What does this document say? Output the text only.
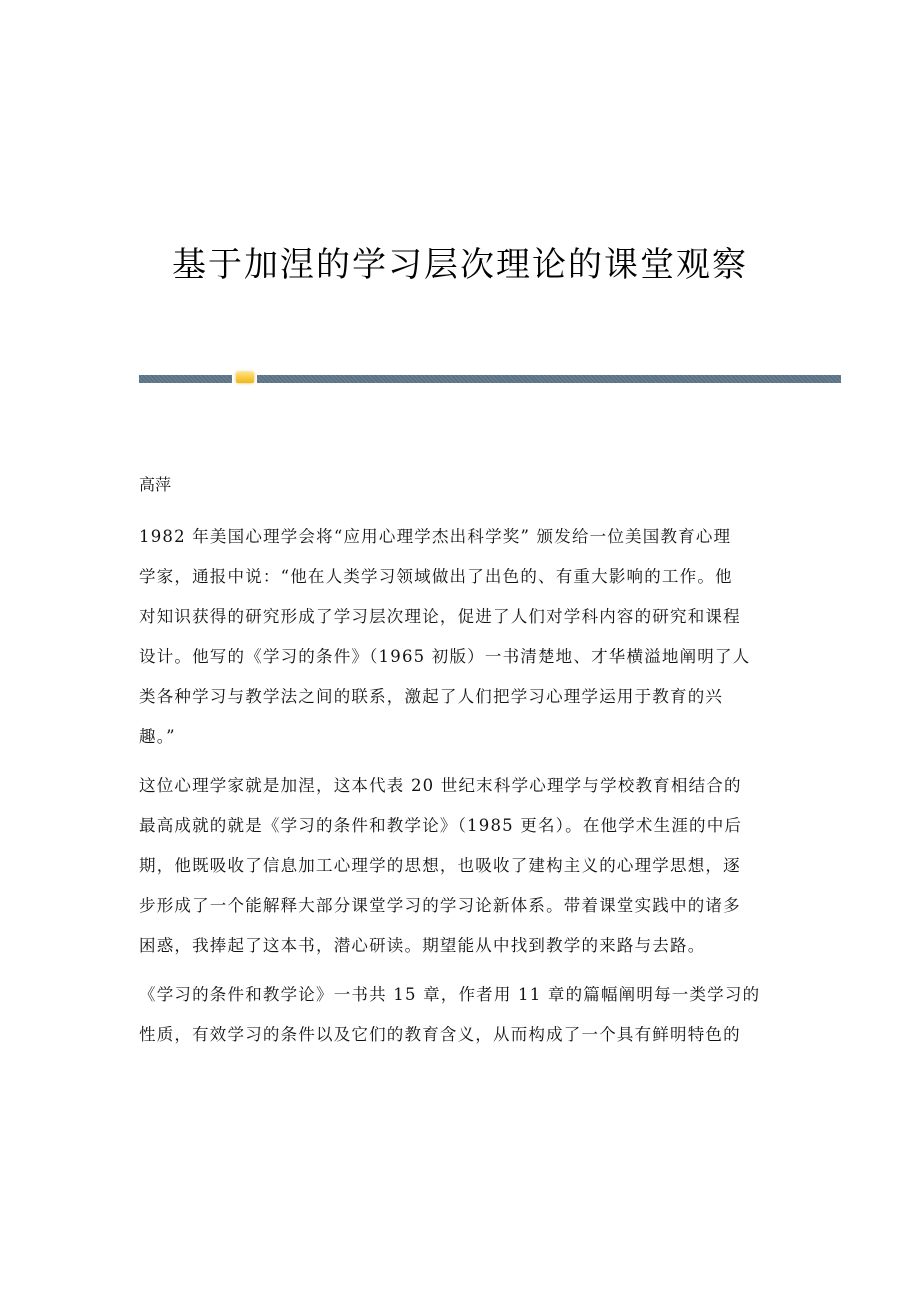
基于加涅的学习层次理论的课堂观察
高萍
1982 年美国心理学会将“应用心理学杰出科学奖” 颁发给一位美国教育心理
学家，通报中说：“他在人类学习领域做出了出色的、有重大影响的工作。他
对知识获得的研究形成了学习层次理论，促进了人们对学科内容的研究和课程
设计。他写的《学习的条件》（1965 初版）一书清楚地、才华横溢地阐明了人
类各种学习与教学法之间的联系，激起了人们把学习心理学运用于教育的兴
趣。”
这位心理学家就是加涅，这本代表 20 世纪末科学心理学与学校教育相结合的
最高成就的就是《学习的条件和教学论》（1985 更名）。在他学术生涯的中后
期，他既吸收了信息加工心理学的思想，也吸收了建构主义的心理学思想，逐
步形成了一个能解释大部分课堂学习的学习论新体系。带着课堂实践中的诸多
困惑，我捧起了这本书，潜心研读。期望能从中找到教学的来路与去路。
《学习的条件和教学论》一书共 15 章，作者用 11 章的篇幅阐明每一类学习的
性质，有效学习的条件以及它们的教育含义，从而构成了一个具有鲜明特色的
